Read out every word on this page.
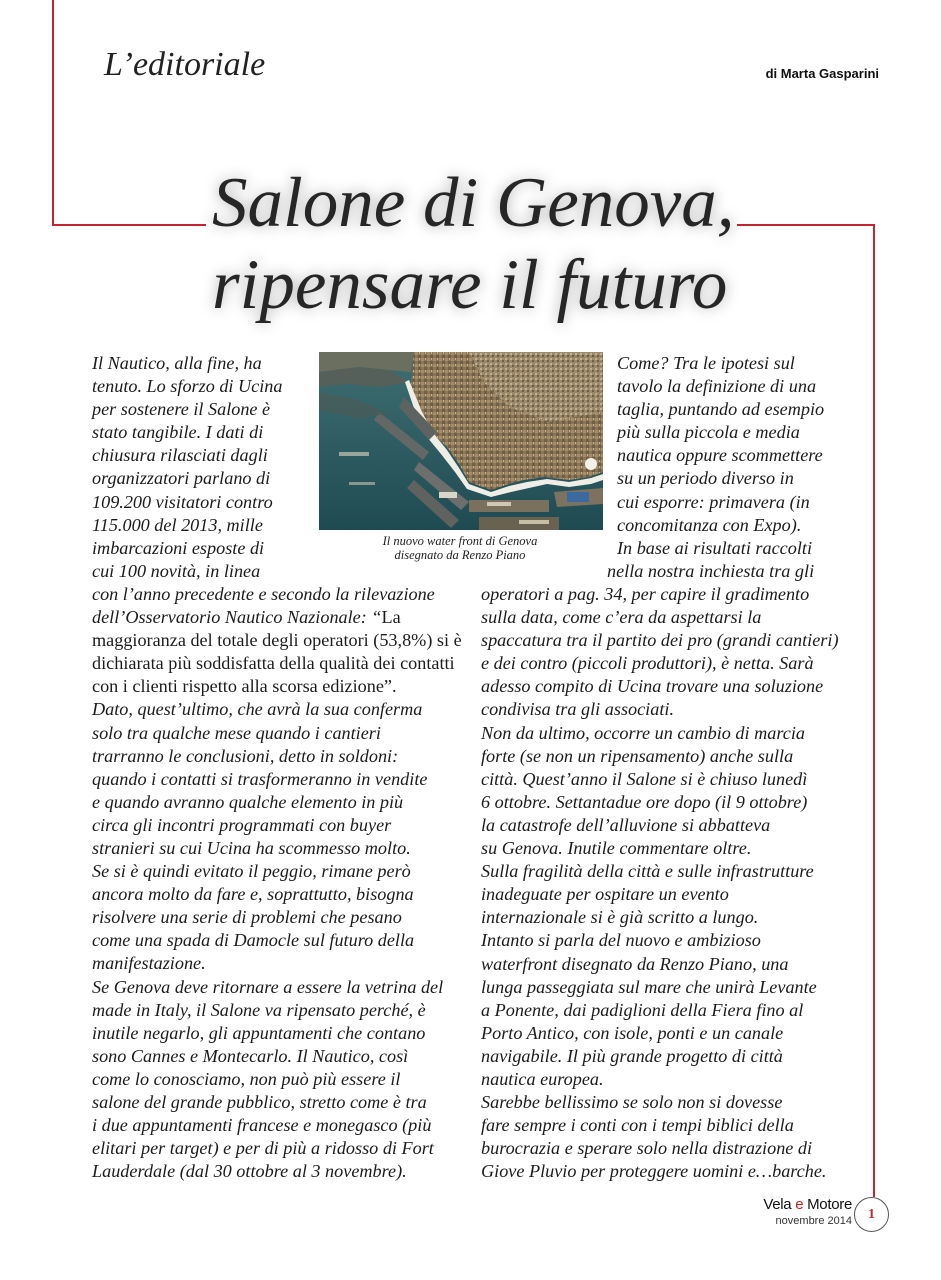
L’editoriale	di Marta Gasparini
Salone di Genova,
ripensare il futuro
Il nuovo water front di Genova
disegnato da Renzo Piano
Il Nautico, alla fine, ha
tenuto. Lo sforzo di Ucina
per sostenere il Salone è
stato tangibile. I dati di
chiusura rilasciati dagli
organizzatori parlano di
109.200 visitatori contro
115.000 del 2013, mille
imbarcazioni esposte di
cui 100 novità, in linea
con l’anno precedente e secondo la rilevazione
dell’Osservatorio Nautico Nazionale: “La
maggioranza del totale degli operatori (53,8%) si è
dichiarata più soddisfatta della qualità dei contatti
con i clienti rispetto alla scorsa edizione”.
Dato, quest’ultimo, che avrà la sua conferma
solo tra qualche mese quando i cantieri
trarranno le conclusioni, detto in soldoni:
quando i contatti si trasformeranno in vendite
e quando avranno qualche elemento in più
circa gli incontri programmati con buyer
stranieri su cui Ucina ha scommesso molto.
Se si è quindi evitato il peggio, rimane però
ancora molto da fare e, soprattutto, bisogna
risolvere una serie di problemi che pesano
come una spada di Damocle sul futuro della
manifestazione.
Se Genova deve ritornare a essere la vetrina del
made in Italy, il Salone va ripensato perché, è
inutile negarlo, gli appuntamenti che contano
sono Cannes e Montecarlo. Il Nautico, così
come lo conosciamo, non può più essere il
salone del grande pubblico, stretto come è tra
i due appuntamenti francese e monegasco (più
elitari per target) e per di più a ridosso di Fort
Lauderdale (dal 30 ottobre al 3 novembre).
Come? Tra le ipotesi sul
tavolo la definizione di una
taglia, puntando ad esempio
più sulla piccola e media
nautica oppure scommettere
su un periodo diverso in
cui esporre: primavera (in
concomitanza con Expo).
In base ai risultati raccolti
nella nostra inchiesta tra gli
operatori a pag. 34, per capire il gradimento
sulla data, come c’era da aspettarsi la
spaccatura tra il partito dei pro (grandi cantieri)
e dei contro (piccoli produttori), è netta. Sarà
adesso compito di Ucina trovare una soluzione
condivisa tra gli associati.
Non da ultimo, occorre un cambio di marcia
forte (se non un ripensamento) anche sulla
città. Quest’anno il Salone si è chiuso lunedì
6 ottobre. Settantadue ore dopo (il 9 ottobre)
la catastrofe dell’alluvione si abbatteva
su Genova. Inutile commentare oltre.
Sulla fragilità della città e sulle infrastrutture
inadeguate per ospitare un evento
internazionale si è già scritto a lungo.
Intanto si parla del nuovo e ambizioso
waterfront disegnato da Renzo Piano, una
lunga passeggiata sul mare che unirà Levante
a Ponente, dai padiglioni della Fiera fino al
Porto Antico, con isole, ponti e un canale
navigabile. Il più grande progetto di città
nautica europea.
Sarebbe bellissimo se solo non si dovesse
fare sempre i conti con i tempi biblici della
burocrazia e sperare solo nella distrazione di
Giove Pluvio per proteggere uomini e…barche.
Vela e Motore
novembre 2014	1
